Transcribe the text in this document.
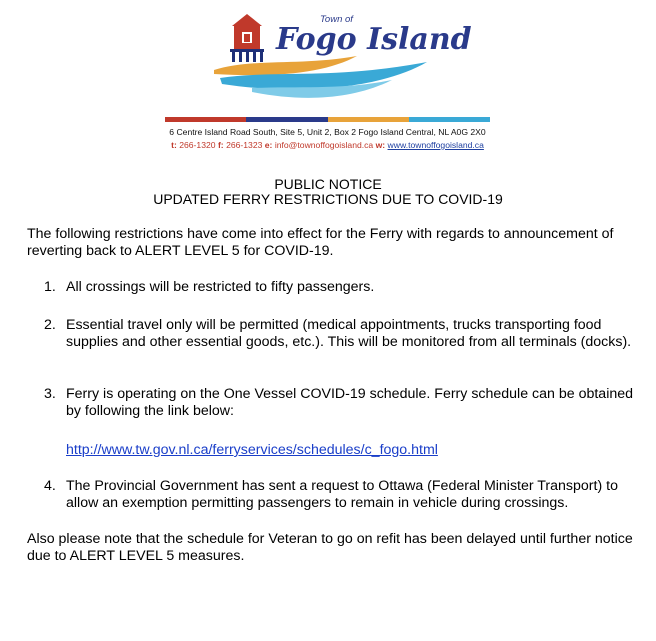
Town of
Fogo Island
6 Centre Island Road South, Site 5, Unit 2, Box 2 Fogo Island Central, NL A0G 2X0
t: 266-1320 f: 266-1323 e: info@townoffogoisland.ca w: www.townoffogoisland.ca
PUBLIC NOTICE
UPDATED FERRY RESTRICTIONS DUE TO COVID-19
The following restrictions have come into effect for the Ferry with regards to announcement of reverting back to ALERT LEVEL 5 for COVID-19.
1. All crossings will be restricted to fifty passengers.
2. Essential travel only will be permitted (medical appointments, trucks transporting food supplies and other essential goods, etc.). This will be monitored from all terminals (docks).
3. Ferry is operating on the One Vessel COVID-19 schedule. Ferry schedule can be obtained by following the link below:
http://www.tw.gov.nl.ca/ferryservices/schedules/c_fogo.html
4. The Provincial Government has sent a request to Ottawa (Federal Minister Transport) to allow an exemption permitting passengers to remain in vehicle during crossings.
Also please note that the schedule for Veteran to go on refit has been delayed until further notice due to ALERT LEVEL 5 measures.
